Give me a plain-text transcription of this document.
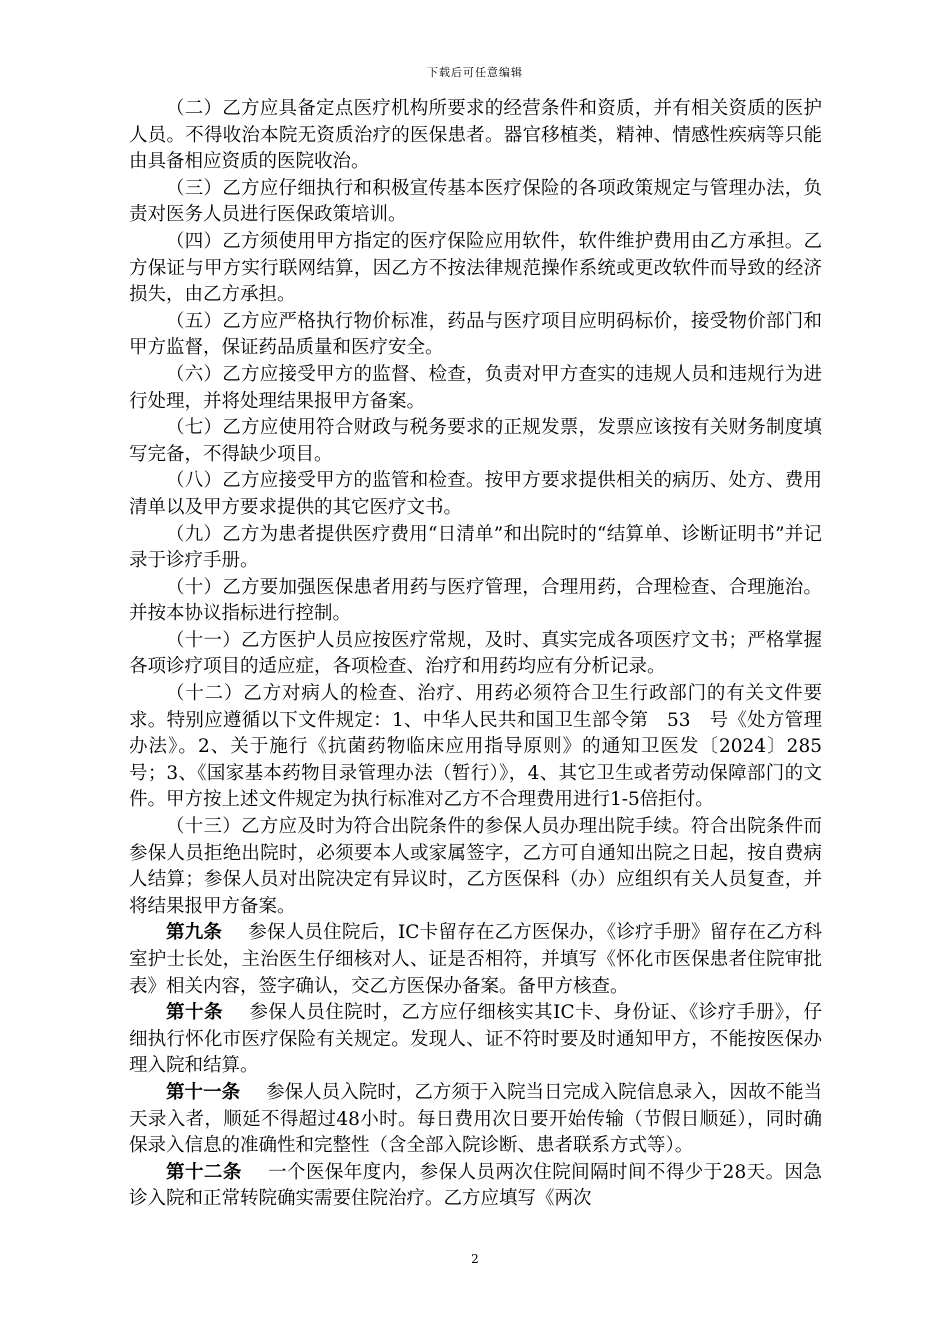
下载后可任意编辑

（二）乙方应具备定点医疗机构所要求的经营条件和资质，并有相关资质的医护人员。不得收治本院无资质治疗的医保患者。器官移植类，精神、情感性疾病等只能由具备相应资质的医院收治。

（三）乙方应仔细执行和积极宣传基本医疗保险的各项政策规定与管理办法，负责对医务人员进行医保政策培训。

（四）乙方须使用甲方指定的医疗保险应用软件，软件维护费用由乙方承担。乙方保证与甲方实行联网结算，因乙方不按法律规范操作系统或更改软件而导致的经济损失，由乙方承担。

（五）乙方应严格执行物价标准，药品与医疗项目应明码标价，接受物价部门和甲方监督，保证药品质量和医疗安全。

（六）乙方应接受甲方的监督、检查，负责对甲方查实的违规人员和违规行为进行处理，并将处理结果报甲方备案。

（七）乙方应使用符合财政与税务要求的正规发票，发票应该按有关财务制度填写完备，不得缺少项目。

（八）乙方应接受甲方的监管和检查。按甲方要求提供相关的病历、处方、费用清单以及甲方要求提供的其它医疗文书。

（九）乙方为患者提供医疗费用“日清单”和出院时的“结算单、诊断证明书”并记录于诊疗手册。

（十）乙方要加强医保患者用药与医疗管理，合理用药，合理检查、合理施治。并按本协议指标进行控制。

（十一）乙方医护人员应按医疗常规，及时、真实完成各项医疗文书；严格掌握各项诊疗项目的适应症，各项检查、治疗和用药均应有分析记录。

（十二）乙方对病人的检查、治疗、用药必须符合卫生行政部门的有关文件要求。特别应遵循以下文件规定：1、中华人民共和国卫生部令第　53　号《处方管理办法》。2、关于施行《抗菌药物临床应用指导原则》的通知卫医发〔2024〕285号；3、《国家基本药物目录管理办法（暂行）》，4、其它卫生或者劳动保障部门的文件。甲方按上述文件规定为执行标准对乙方不合理费用进行1-5倍拒付。

（十三）乙方应及时为符合出院条件的参保人员办理出院手续。符合出院条件而参保人员拒绝出院时，必须要本人或家属签字，乙方可自通知出院之日起，按自费病人结算；参保人员对出院决定有异议时，乙方医保科（办）应组织有关人员复查，并将结果报甲方备案。

第九条 参保人员住院后，IC卡留存在乙方医保办，《诊疗手册》留存在乙方科室护士长处，主治医生仔细核对人、证是否相符，并填写《怀化市医保患者住院审批表》相关内容，签字确认，交乙方医保办备案。备甲方核查。

第十条 参保人员住院时，乙方应仔细核实其IC卡、身份证、《诊疗手册》，仔细执行怀化市医疗保险有关规定。发现人、证不符时要及时通知甲方，不能按医保办理入院和结算。

第十一条 参保人员入院时，乙方须于入院当日完成入院信息录入，因故不能当天录入者，顺延不得超过48小时。每日费用次日要开始传输（节假日顺延），同时确保录入信息的准确性和完整性（含全部入院诊断、患者联系方式等）。

第十二条 一个医保年度内，参保人员两次住院间隔时间不得少于28天。因急诊入院和正常转院确实需要住院治疗。乙方应填写《两次

2
